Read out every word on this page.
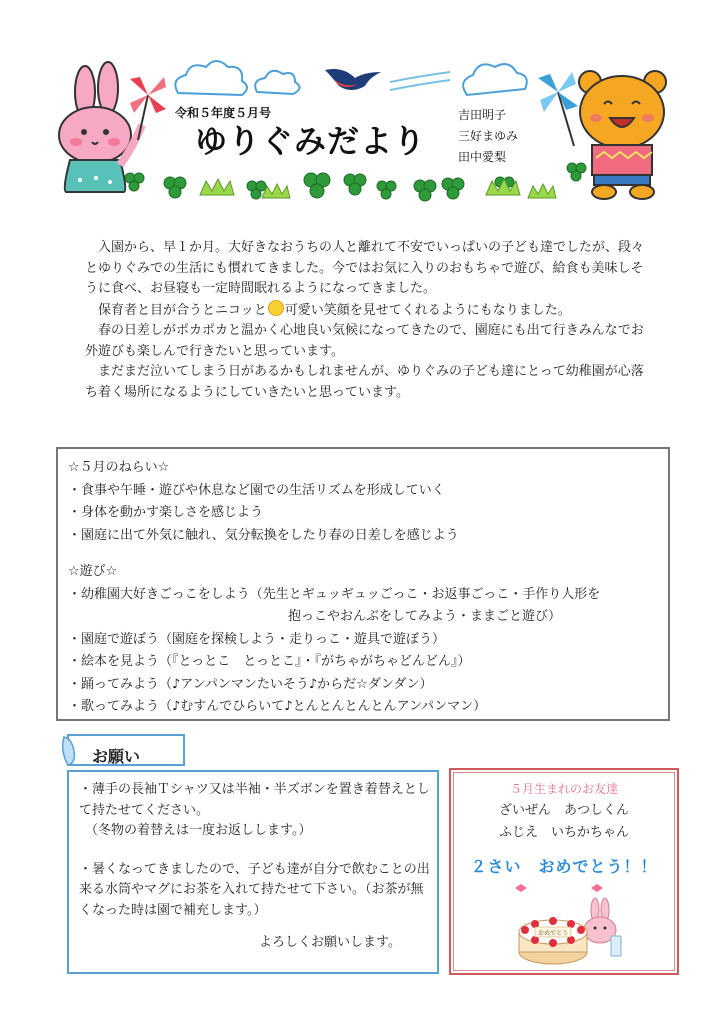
令和５年度５月号
ゆりぐみだより
吉田明子
三好まゆみ
田中愛梨

入園から、早１か月。大好きなおうちの人と離れて不安でいっぱいの子ども達でしたが、段々とゆりぐみでの生活にも慣れてきました。今ではお気に入りのおもちゃで遊び、給食も美味しそうに食べ、お昼寝も一定時間眠れるようになってきました。

保育者と目が合うとニコッと 可愛い笑顔を見せてくれるようにもなりました。

春の日差しがポカポカと温かく心地良い気候になってきたので、園庭にも出て行きみんなでお外遊びも楽しんで行きたいと思っています。

まだまだ泣いてしまう日があるかもしれませんが、ゆりぐみの子ども達にとって幼稚園が心落ち着く場所になるようにしていきたいと思っています。

☆５月のねらい☆
・食事や午睡・遊びや休息など園での生活リズムを形成していく
・身体を動かす楽しさを感じよう
・園庭に出て外気に触れ、気分転換をしたり春の日差しを感じよう
☆遊び☆
・幼稚園大好きごっこをしよう（先生とギュッギュッごっこ・お返事ごっこ・手作り人形を
抱っこやおんぶをしてみよう・ままごと遊び）
・園庭で遊ぼう（園庭を探検しよう・走りっこ・遊具で遊ぼう）
・絵本を見よう（『とっとこ　とっとこ』・『がちゃがちゃどんどん』）
・踊ってみよう（♪アンパンマンたいそう♪からだ☆ダンダン）
・歌ってみよう（♪むすんでひらいて♪とんとんとんとんアンパンマン）
お願い

・薄手の長袖Ｔシャツ又は半袖・半ズボンを置き着替えとして持たせてください。

（冬物の着替えは一度お返しします。）

・暑くなってきましたので、子ども達が自分で飲むことの出来る水筒やマグにお茶を入れて持たせて下さい。（お茶が無くなった時は園で補充します。）

よろしくお願いします。

５月生まれのお友達
ざいぜん　あつしくん
ふじえ　いちかちゃん
２さい　おめでとう！！
おめでとう
